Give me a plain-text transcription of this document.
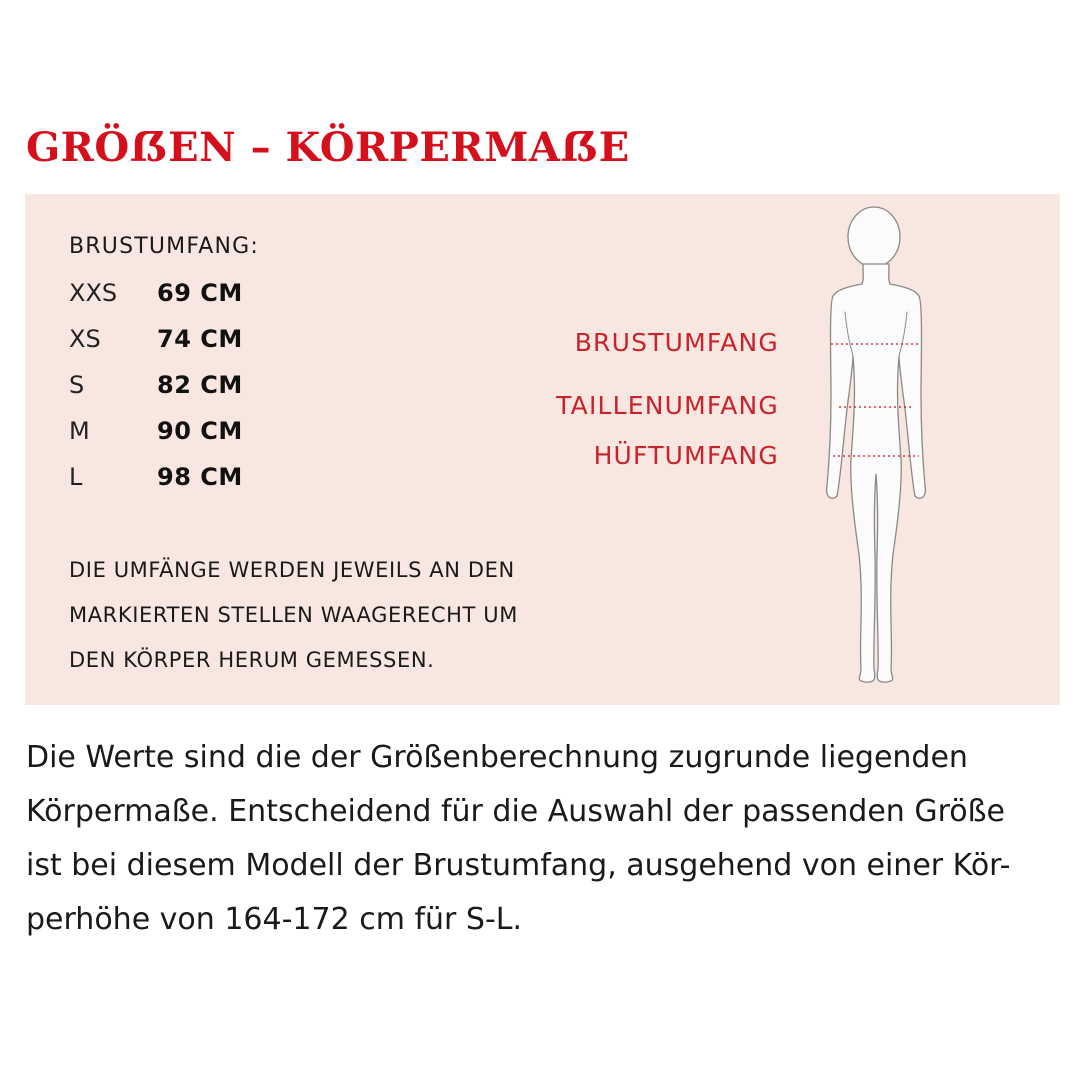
GRÖẞEN – KÖRPERMAẞE
BRUSTUMFANG:
XXS 69 CM
XS 74 CM
S	82 CM
M	90 CM
L	98 CM
DIE UMFÄNGE WERDEN JEWEILS AN DEN
MARKIERTEN STELLEN WAAGERECHT UM
DEN KÖRPER HERUM GEMESSEN.
BRUSTUMFANG
TAILLENUMFANG
HÜFTUMFANG
Die Werte sind die der Größenberechnung zugrunde liegenden
Körpermaße. Entscheidend für die Auswahl der passenden Größe
ist bei diesem Modell der Brustumfang, ausgehend von einer Kör-
perhöhe von 164-172 cm für S-L.
